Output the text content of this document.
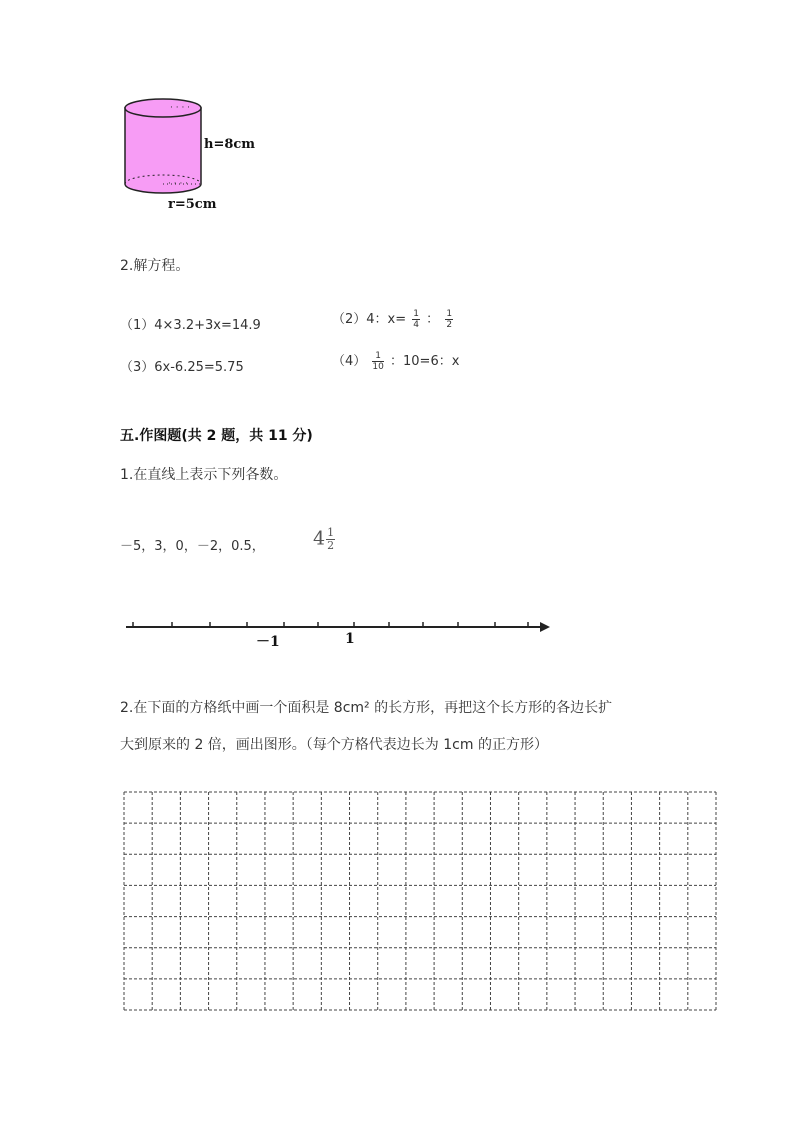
· · · ·
· · · ·
h=8cm
r=5cm
2.解方程。
（1）4×3.2+3x=14.9	（2）4：$x= \frac{1}{4}$ ： $\frac{1}{2}$
（3）6x-6.25=5.75	$(4) \frac{1}{10}$ ：10=6：x
五.作图题(共 2 题，共 11 分)
1.在直线上表示下列各数。
－5，3，0，－2，0.5，	$4 \frac{1}{2}$
－1	1
2.在下面的方格纸中画一个面积是 8cm² 的长方形，再把这个长方形的各边长扩
大到原来的 2 倍，画出图形。（每个方格代表边长为 1cm 的正方形）
